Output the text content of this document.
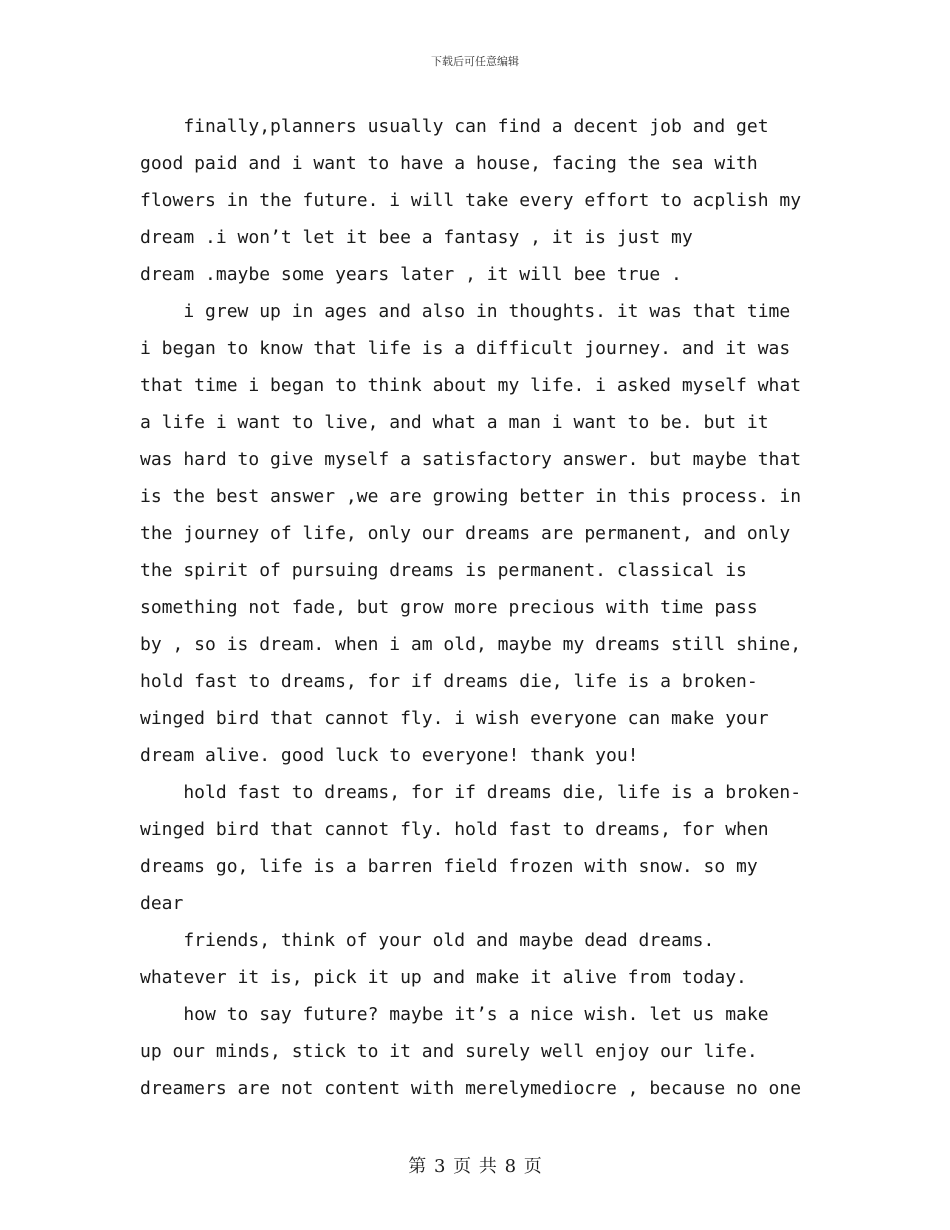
下载后可任意编辑
finally,planners usually can find a decent job and get
good paid and i want to have a house, facing the sea with
flowers in the future. i will take every effort to acplish my
dream .i won’t let it bee a fantasy , it is just my
dream .maybe some years later , it will bee true .
i grew up in ages and also in thoughts. it was that time
i began to know that life is a difficult journey. and it was
that time i began to think about my life. i asked myself what
a life i want to live, and what a man i want to be. but it
was hard to give myself a satisfactory answer. but maybe that
is the best answer ,we are growing better in this process. in
the journey of life, only our dreams are permanent, and only
the spirit of pursuing dreams is permanent. classical is
something not fade, but grow more precious with time pass
by , so is dream. when i am old, maybe my dreams still shine,
hold fast to dreams, for if dreams die, life is a broken-
winged bird that cannot fly. i wish everyone can make your
dream alive. good luck to everyone! thank you!
hold fast to dreams, for if dreams die, life is a broken-
winged bird that cannot fly. hold fast to dreams, for when
dreams go, life is a barren field frozen with snow. so my
dear
friends, think of your old and maybe dead dreams.
whatever it is, pick it up and make it alive from today.
how to say future? maybe it’s a nice wish. let us make
up our minds, stick to it and surely well enjoy our life.
dreamers are not content with merelymediocre , because no one
第 3 页 共 8 页
